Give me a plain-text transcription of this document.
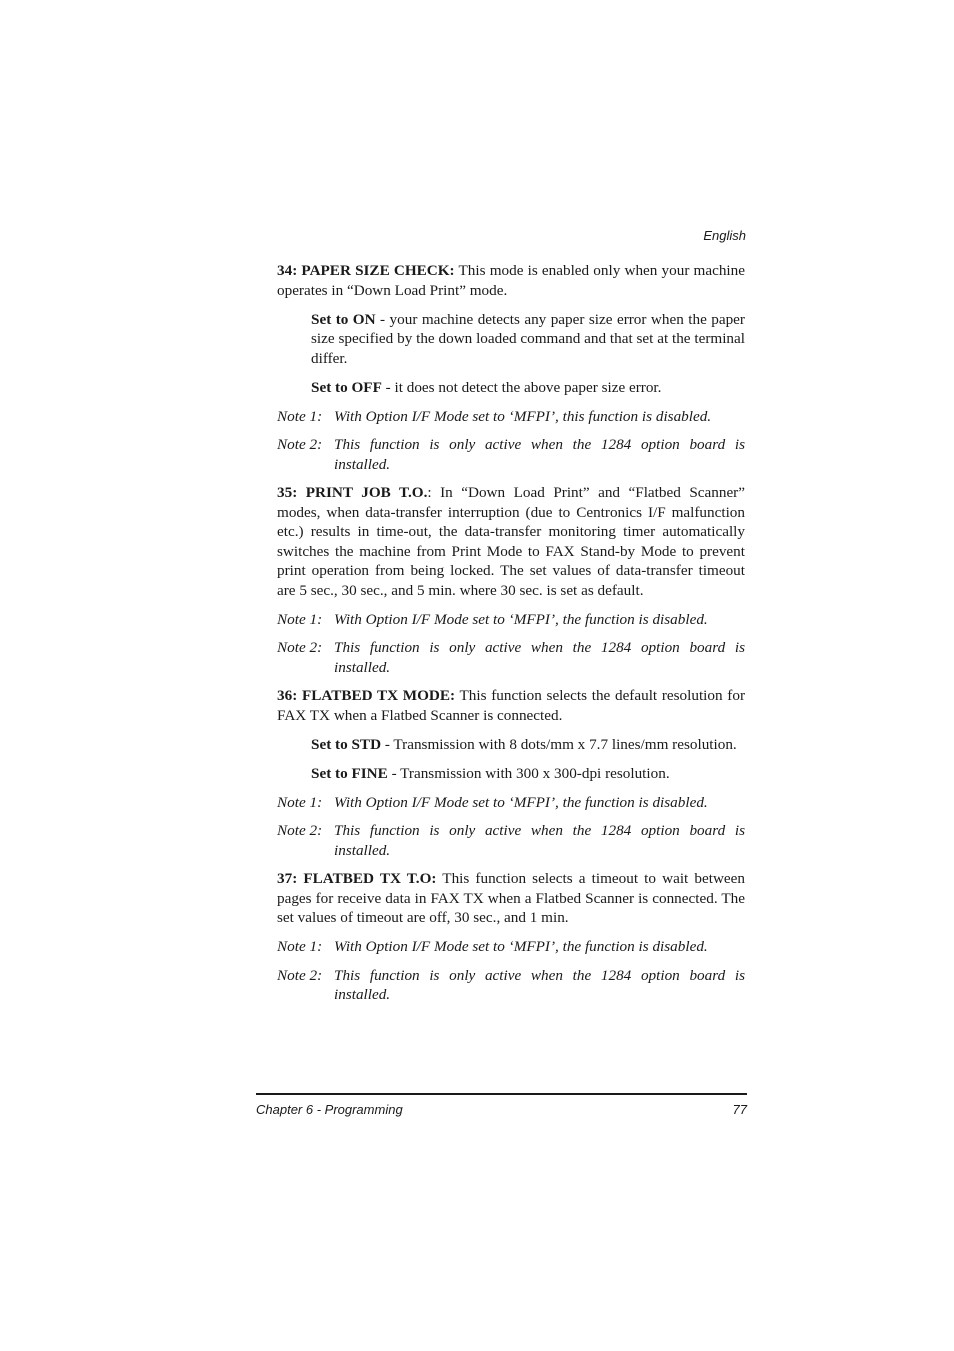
English

34: PAPER SIZE CHECK: This mode is enabled only when your machine operates in “Down Load Print” mode.

Set to ON - your machine detects any paper size error when the paper size specified by the down loaded command and that set at the terminal differ.

Set to OFF - it does not detect the above paper size error.

Note 1: With Option I/F Mode set to ‘MFPI’, this function is disabled.
Note 2: This function is only active when the 1284 option board is installed.

35: PRINT JOB T.O.: In “Down Load Print” and “Flatbed Scanner” modes, when data-transfer interruption (due to Centronics I/F malfunction etc.) results in time-out, the data-transfer monitoring timer automatically switches the machine from Print Mode to FAX Stand-by Mode to prevent print operation from being locked. The set values of data-transfer timeout are 5 sec., 30 sec., and 5 min. where 30 sec. is set as default.

Note 1: With Option I/F Mode set to ‘MFPI’, the function is disabled.
Note 2: This function is only active when the 1284 option board is installed.

36: FLATBED TX MODE: This function selects the default resolution for FAX TX when a Flatbed Scanner is connected.

Set to STD - Transmission with 8 dots/mm x 7.7 lines/mm resolution.

Set to FINE - Transmission with 300 x 300-dpi resolution.

Note 1: With Option I/F Mode set to ‘MFPI’, the function is disabled.
Note 2: This function is only active when the 1284 option board is installed.

37: FLATBED TX T.O: This function selects a timeout to wait between pages for receive data in FAX TX when a Flatbed Scanner is connected. The set values of timeout are off, 30 sec., and 1 min.

Note 1: With Option I/F Mode set to ‘MFPI’, the function is disabled.
Note 2: This function is only active when the 1284 option board is installed.
Chapter 6 - Programming	77
